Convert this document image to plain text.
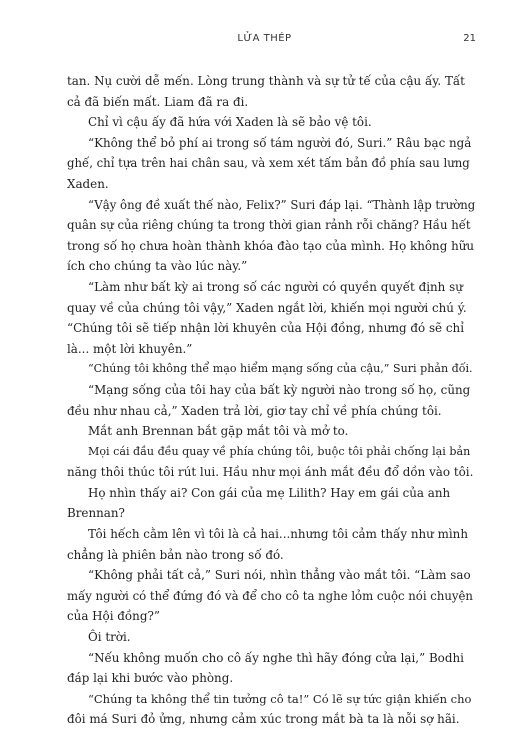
LỬA THÉP	21
tan. Nụ cười dễ mến. Lòng trung thành và sự tử tế của cậu ấy. Tất
cả đã biến mất. Liam đã ra đi.
Chỉ vì cậu ấy đã hứa với Xaden là sẽ bảo vệ tôi.
“Không thể bỏ phí ai trong số tám người đó, Suri.” Râu bạc ngả
ghế, chỉ tựa trên hai chân sau, và xem xét tấm bản đồ phía sau lưng
Xaden.
“Vậy ông đề xuất thế nào, Felix?” Suri đáp lại. “Thành lập trường
quân sự của riêng chúng ta trong thời gian rảnh rỗi chăng? Hầu hết
trong số họ chưa hoàn thành khóa đào tạo của mình. Họ không hữu
ích cho chúng ta vào lúc này.”
“Làm như bất kỳ ai trong số các người có quyền quyết định sự
quay về của chúng tôi vậy,” Xaden ngắt lời, khiến mọi người chú ý.
“Chúng tôi sẽ tiếp nhận lời khuyên của Hội đồng, nhưng đó sẽ chỉ
là... một lời khuyên.”
“Chúng tôi không thể mạo hiểm mạng sống của cậu,” Suri phản đối.
“Mạng sống của tôi hay của bất kỳ người nào trong số họ, cũng
đều như nhau cả,” Xaden trả lời, giơ tay chỉ về phía chúng tôi.
Mắt anh Brennan bắt gặp mắt tôi và mở to.
Mọi cái đầu đều quay về phía chúng tôi, buộc tôi phải chống lại bản
năng thôi thúc tôi rút lui. Hầu như mọi ánh mắt đều đổ dồn vào tôi.
Họ nhìn thấy ai? Con gái của mẹ Lilith? Hay em gái của anh
Brennan?
Tôi hếch cằm lên vì tôi là cả hai...nhưng tôi cảm thấy như mình
chẳng là phiên bản nào trong số đó.
“Không phải tất cả,” Suri nói, nhìn thẳng vào mắt tôi. “Làm sao
mấy người có thể đứng đó và để cho cô ta nghe lỏm cuộc nói chuyện
của Hội đồng?”
Ôi trời.
“Nếu không muốn cho cô ấy nghe thì hãy đóng cửa lại,” Bodhi
đáp lại khi bước vào phòng.
“Chúng ta không thể tin tưởng cô ta!” Có lẽ sự tức giận khiến cho
đôi má Suri đỏ ửng, nhưng cảm xúc trong mắt bà ta là nỗi sợ hãi.
